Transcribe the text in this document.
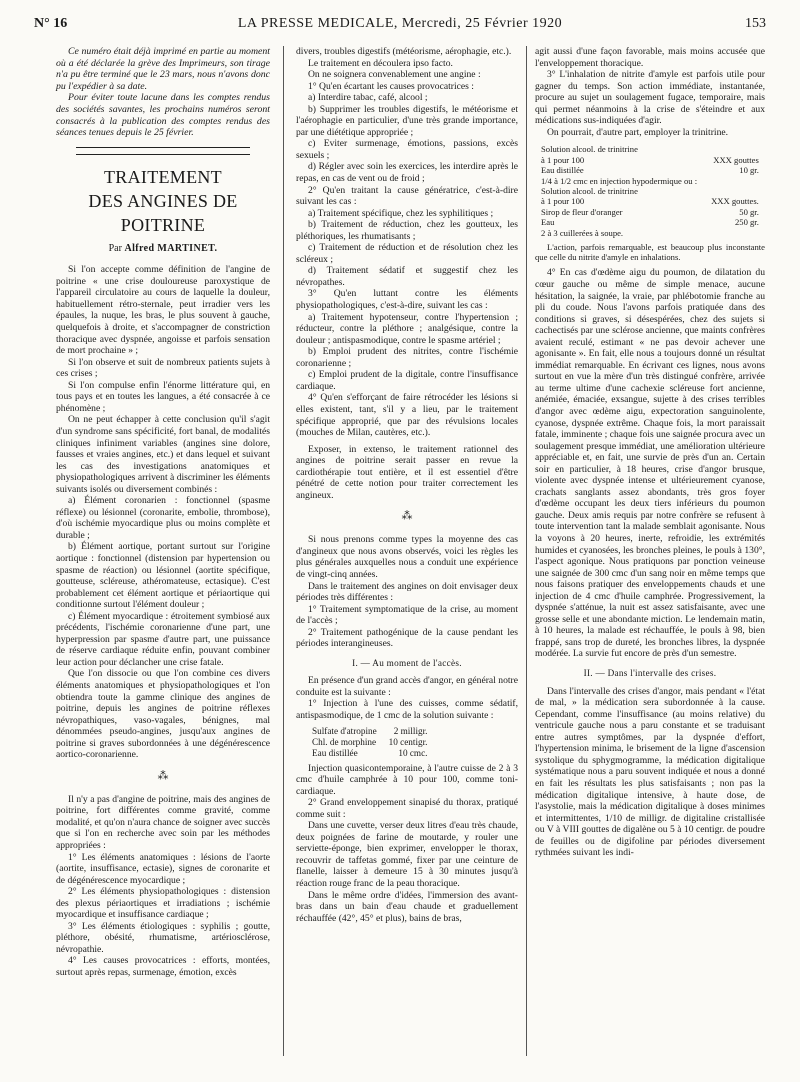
N° 16	LA PRESSE MEDICALE, Mercredi, 25 Février 1920	153

Ce numéro était déjà imprimé en partie au moment où a été déclarée la grève des Imprimeurs, son tirage n'a pu être terminé que le 23 mars, nous n'avons donc pu l'expédier à sa date.

Pour éviter toute lacune dans les comptes rendus des sociétés savantes, les prochains numéros seront consacrés à la publication des comptes rendus des séances tenues depuis le 25 février.

TRAITEMENT
DES ANGINES DE POITRINE
Par Alfred MARTINET.

Si l'on accepte comme définition de l'angine de poitrine « une crise douloureuse paroxystique de l'appareil circulatoire au cours de laquelle la douleur, habituellement rétro-sternale, peut irradier vers les épaules, la nuque, les bras, le plus souvent à gauche, quelquefois à droite, et s'accompagner de constriction thoracique avec dyspnée, angoisse et parfois sensation de mort prochaine » ;

Si l'on observe et suit de nombreux patients sujets à ces crises ;

Si l'on compulse enfin l'énorme littérature qui, en tous pays et en toutes les langues, a été consacrée à ce phénomène ;

On ne peut échapper à cette conclusion qu'il s'agit d'un syndrome sans spécificité, fort banal, de modalités cliniques infiniment variables (angines sine dolore, fausses et vraies angines, etc.) et dans lequel et suivant les cas des investigations anatomiques et physiopathologiques arrivent à discriminer les éléments suivants isolés ou diversement combinés :

a) Élément coronarien : fonctionnel (spasme réflexe) ou lésionnel (coronarite, embolie, thrombose), d'où ischémie myocardique plus ou moins complète et durable ;

b) Élément aortique, portant surtout sur l'origine aortique : fonctionnel (distension par hypertension ou spasme de réaction) ou lésionnel (aortite spécifique, goutteuse, scléreuse, athéromateuse, ectasique). C'est probablement cet élément aortique et périaortique qui conditionne surtout l'élément douleur ;

c) Élément myocardique : étroitement symbiosé aux précédents, l'ischémie coronarienne d'une part, une hyperpression par spasme d'autre part, une puissance de réserve cardiaque réduite enfin, pouvant combiner leur action pour déclancher une crise fatale.

Que l'on dissocie ou que l'on combine ces divers éléments anatomiques et physiopathologiques et l'on obtiendra toute la gamme clinique des angines de poitrine, depuis les angines de poitrine réflexes névropathiques, vaso-vagales, bénignes, mal dénommées pseudo-angines, jusqu'aux angines de poitrine si graves subordonnées à une dégénérescence aortico-coronarienne.

⁂

Il n'y a pas d'angine de poitrine, mais des angines de poitrine, fort différentes comme gravité, comme modalité, et qu'on n'aura chance de soigner avec succès que si l'on en recherche avec soin par les méthodes appropriées :

1° Les éléments anatomiques : lésions de l'aorte (aortite, insuffisance, ectasie), signes de coronarite et de dégénérescence myocardique ;

2° Les éléments physiopathologiques : distension des plexus périaortiques et irradiations ; ischémie myocardique et insuffisance cardiaque ;

3° Les éléments étiologiques : syphilis ; goutte, pléthore, obésité, rhumatisme, artériosclérose, névropathie.

4° Les causes provocatrices : efforts, montées, surtout après repas, surmenage, émotion, excès

divers, troubles digestifs (météorisme, aérophagie, etc.).

Le traitement en découlera ipso facto.

On ne soignera convenablement une angine :

1° Qu'en écartant les causes provocatrices :

a) Interdire tabac, café, alcool ;

b) Supprimer les troubles digestifs, le météorisme et l'aérophagie en particulier, d'une très grande importance, par une diététique appropriée ;

c) Eviter surmenage, émotions, passions, excès sexuels ;

d) Régler avec soin les exercices, les interdire après le repas, en cas de vent ou de froid ;

2° Qu'en traitant la cause génératrice, c'est-à-dire suivant les cas :

a) Traitement spécifique, chez les syphilitiques ;

b) Traitement de réduction, chez les goutteux, les pléthoriques, les rhumatisants ;

c) Traitement de réduction et de résolution chez les scléreux ;

d) Traitement sédatif et suggestif chez les névropathes.

3° Qu'en luttant contre les éléments physiopathologiques, c'est-à-dire, suivant les cas :

a) Traitement hypotenseur, contre l'hypertension ; réducteur, contre la pléthore ; analgésique, contre la douleur ; antispasmodique, contre le spasme artériel ;

b) Emploi prudent des nitrites, contre l'ischémie coronarienne ;

c) Emploi prudent de la digitale, contre l'insuffisance cardiaque.

4° Qu'en s'efforçant de faire rétrocéder les lésions si elles existent, tant, s'il y a lieu, par le traitement spécifique approprié, que par des révulsions locales (mouches de Milan, cautères, etc.).

Exposer, in extenso, le traitement rationnel des angines de poitrine serait passer en revue la cardiothérapie tout entière, et il est essentiel d'être pénétré de cette notion pour traiter correctement les angineux.

⁂

Si nous prenons comme types la moyenne des cas d'angineux que nous avons observés, voici les règles les plus générales auxquelles nous a conduit une expérience de vingt-cinq années.

Dans le traitement des angines on doit envisager deux périodes très différentes :

1° Traitement symptomatique de la crise, au moment de l'accès ;

2° Traitement pathogénique de la cause pendant les périodes interangineuses.

I. — Au moment de l'accès.

En présence d'un grand accès d'angor, en général notre conduite est la suivante :

1° Injection à l'une des cuisses, comme sédatif, antispasmodique, de 1 cmc de la solution suivante :

Sulfate d'atropine	2 milligr.
Chl. de morphine	10 centigr.
Eau distillée	10 cmc.

Injection quasicontemporaine, à l'autre cuisse de 2 à 3 cmc d'huile camphrée à 10 pour 100, comme toni-cardiaque.

2° Grand enveloppement sinapisé du thorax, pratiqué comme suit :

Dans une cuvette, verser deux litres d'eau très chaude, deux poignées de farine de moutarde, y rouler une serviette-éponge, bien exprimer, envelopper le thorax, recouvrir de taffetas gommé, fixer par une ceinture de flanelle, laisser à demeure 15 à 30 minutes jusqu'à réaction rouge franc de la peau thoracique.

Dans le même ordre d'idées, l'immersion des avant-bras dans un bain d'eau chaude et graduellement réchauffée (42°, 45° et plus), bains de bras,

agit aussi d'une façon favorable, mais moins accusée que l'enveloppement thoracique.

3° L'inhalation de nitrite d'amyle est parfois utile pour gagner du temps. Son action immédiate, instantanée, procure au sujet un soulagement fugace, temporaire, mais qui permet néanmoins à la crise de s'éteindre et aux médications sus-indiquées d'agir.

On pourrait, d'autre part, employer la trinitrine.

Solution alcool. de trinitrine	
à 1 pour 100	XXX gouttes
Eau distillée	10 gr.
1/4 à 1/2 cmc en injection hypodermique ou :	
Solution alcool. de trinitrine	
à 1 pour 100	XXX gouttes.
Sirop de fleur d'oranger	50 gr.
Eau	250 gr.
2 à 3 cuillerées à soupe.	

L'action, parfois remarquable, est beaucoup plus inconstante que celle du nitrite d'amyle en inhalations.

4° En cas d'œdème aigu du poumon, de dilatation du cœur gauche ou même de simple menace, aucune hésitation, la saignée, la vraie, par phlébotomie franche au pli du coude. Nous l'avons parfois pratiquée dans des conditions si graves, si désespérées, chez des sujets si cachectisés par une sclérose ancienne, que maints confrères avaient reculé, estimant « ne pas devoir achever une agonisante ». En fait, elle nous a toujours donné un résultat immédiat remarquable. En écrivant ces lignes, nous avons surtout en vue la mère d'un très distingué confrère, arrivée au terme ultime d'une cachexie scléreuse fort ancienne, anémiée, émaciée, exsangue, sujette à des crises terribles d'angor avec œdème aigu, expectoration sanguinolente, cyanose, dyspnée extrême. Chaque fois, la mort paraissait fatale, imminente ; chaque fois une saignée procura avec un soulagement presque immédiat, une amélioration ultérieure appréciable et, en fait, une survie de près d'un an. Certain soir en particulier, à 18 heures, crise d'angor brusque, violente avec dyspnée intense et ultérieurement cyanose, crachats sanglants assez abondants, très gros foyer d'œdème occupant les deux tiers inférieurs du poumon gauche. Deux amis requis par notre confrère se refusent à toute intervention tant la malade semblait agonisante. Nous la voyons à 20 heures, inerte, refroidie, les extrémités humides et cyanosées, les bronches pleines, le pouls à 130°, l'aspect agonique. Nous pratiquons par ponction veineuse une saignée de 300 cmc d'un sang noir en même temps que nous faisons pratiquer des enveloppements chauds et une injection de 4 cmc d'huile camphrée. Progressivement, la dyspnée s'atténue, la nuit est assez satisfaisante, avec une grosse selle et une abondante miction. Le lendemain matin, à 10 heures, la malade est réchauffée, le pouls à 98, bien frappé, sans trop de dureté, les bronches libres, la dyspnée modérée. La survie fut encore de près d'un semestre.

II. — Dans l'intervalle des crises.

Dans l'intervalle des crises d'angor, mais pendant « l'état de mal, » la médication sera subordonnée à la cause. Cependant, comme l'insuffisance (au moins relative) du ventricule gauche nous a paru constante et se traduisant entre autres symptômes, par la dyspnée d'effort, l'hypertension minima, le brisement de la ligne d'ascension systolique du sphygmogramme, la médication digitalique systématique nous a paru souvent indiquée et nous a donné en fait les résultats les plus satisfaisants ; non pas la médication digitalique intensive, à haute dose, de l'asystolie, mais la médication digitalique à doses minimes et intermittentes, 1/10 de milligr. de digitaline cristallisée ou V à VIII gouttes de digalène ou 5 à 10 centigr. de poudre de feuilles ou de digifoline par périodes diversement rythmées suivant les indi-
